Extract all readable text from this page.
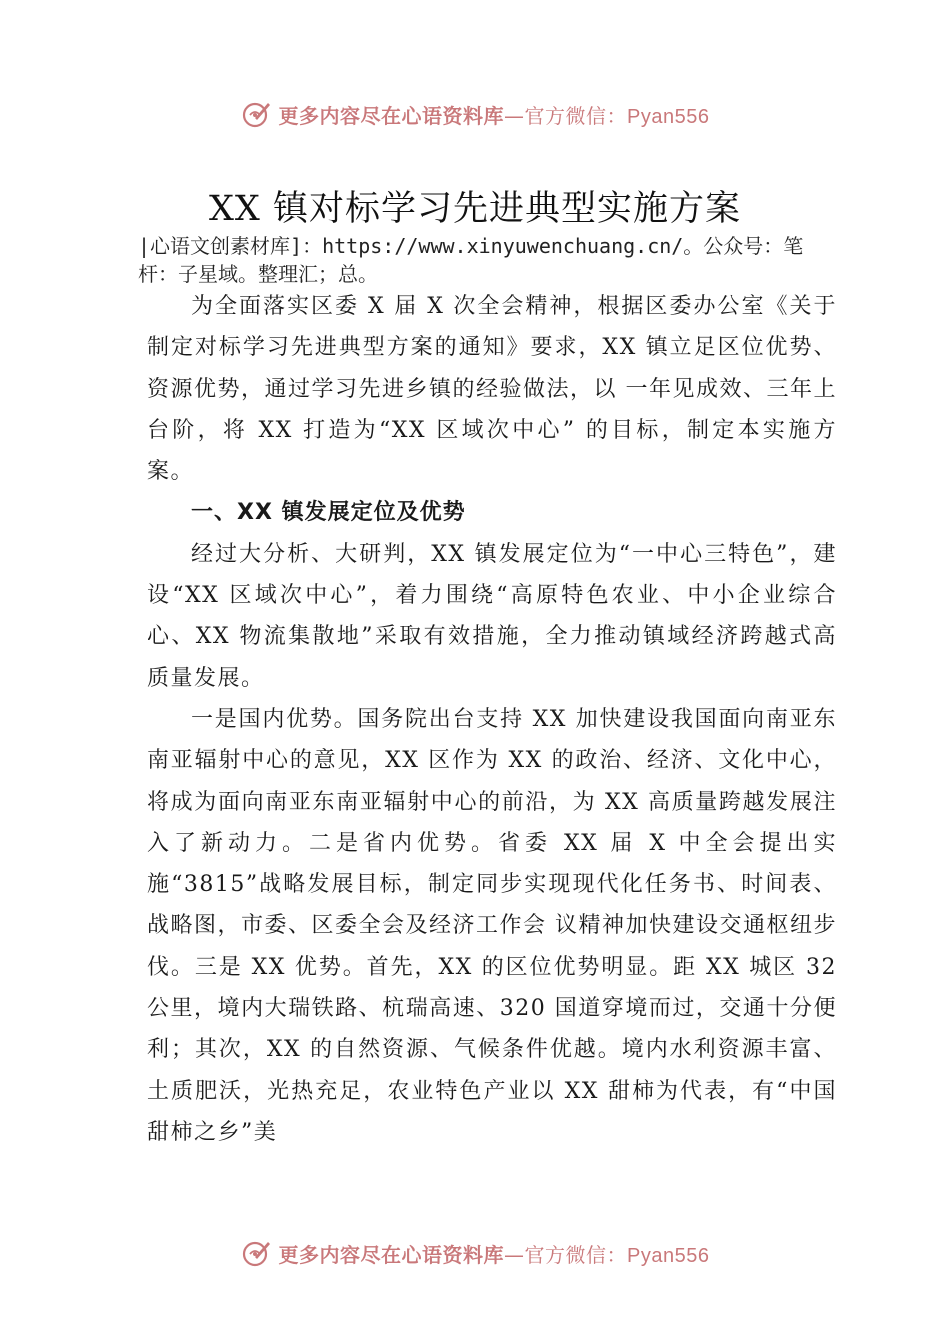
更多内容尽在心语资料库—官方微信：Pyan556
XX 镇对标学习先进典型实施方案
|心语文创素材库]：https://www.xinyuwenchuang.cn/。公众号：笔杆：子星域。整理汇；总。

为全面落实区委 X 届 X 次全会精神，根据区委办公室《关于制定对标学习先进典型方案的通知》要求，XX 镇立足区位优势、资源优势，通过学习先进乡镇的经验做法，以 一年见成效、三年上台阶，将 XX 打造为“XX 区域次中心” 的目标，制定本实施方案。

一、XX 镇发展定位及优势

经过大分析、大研判，XX 镇发展定位为“一中心三特色”，建设“XX 区域次中心”，着力围绕“高原特色农业、中小企业综合心、XX 物流集散地”采取有效措施，全力推动镇域经济跨越式高质量发展。

一是国内优势。国务院出台支持 XX 加快建设我国面向南亚东南亚辐射中心的意见，XX 区作为 XX 的政治、经济、文化中心，将成为面向南亚东南亚辐射中心的前沿，为 XX 高质量跨越发展注入了新动力。二是省内优势。省委 XX 届 X 中全会提出实施“3815”战略发展目标，制定同步实现现代化任务书、时间表、战略图，市委、区委全会及经济工作会 议精神加快建设交通枢纽步伐。三是 XX 优势。首先，XX 的区位优势明显。距 XX 城区 32 公里，境内大瑞铁路、杭瑞高速、320 国道穿境而过，交通十分便利；其次，XX 的自然资源、气候条件优越。境内水利资源丰富、土质肥沃，光热充足，农业特色产业以 XX 甜柿为代表，有“中国甜柿之乡”美

更多内容尽在心语资料库—官方微信：Pyan556
